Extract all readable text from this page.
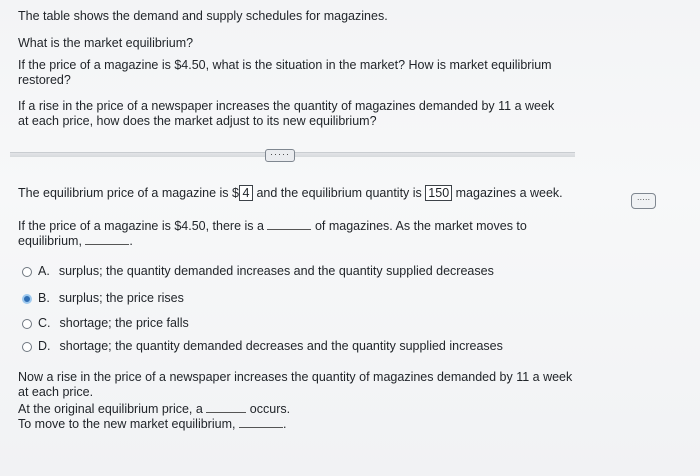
The table shows the demand and supply schedules for magazines.
What is the market equilibrium?
If the price of a magazine is $4.50, what is the situation in the market? How is market equilibrium restored?
If a rise in the price of a newspaper increases the quantity of magazines demanded by 11 a week at each price, how does the market adjust to its new equilibrium?
·····
·····
The equilibrium price of a magazine is $ 4 and the equilibrium quantity is 150 magazines a week.
If the price of a magazine is $4.50, there is a	of magazines. As the market moves to
equilibrium,	.
A. surplus; the quantity demanded increases and the quantity supplied decreases
B. surplus; the price rises
C. shortage; the price falls
D. shortage; the quantity demanded decreases and the quantity supplied increases
Now a rise in the price of a newspaper increases the quantity of magazines demanded by 11 a week at each price.
At the original equilibrium price, a	occurs.
To move to the new market equilibrium,	.
